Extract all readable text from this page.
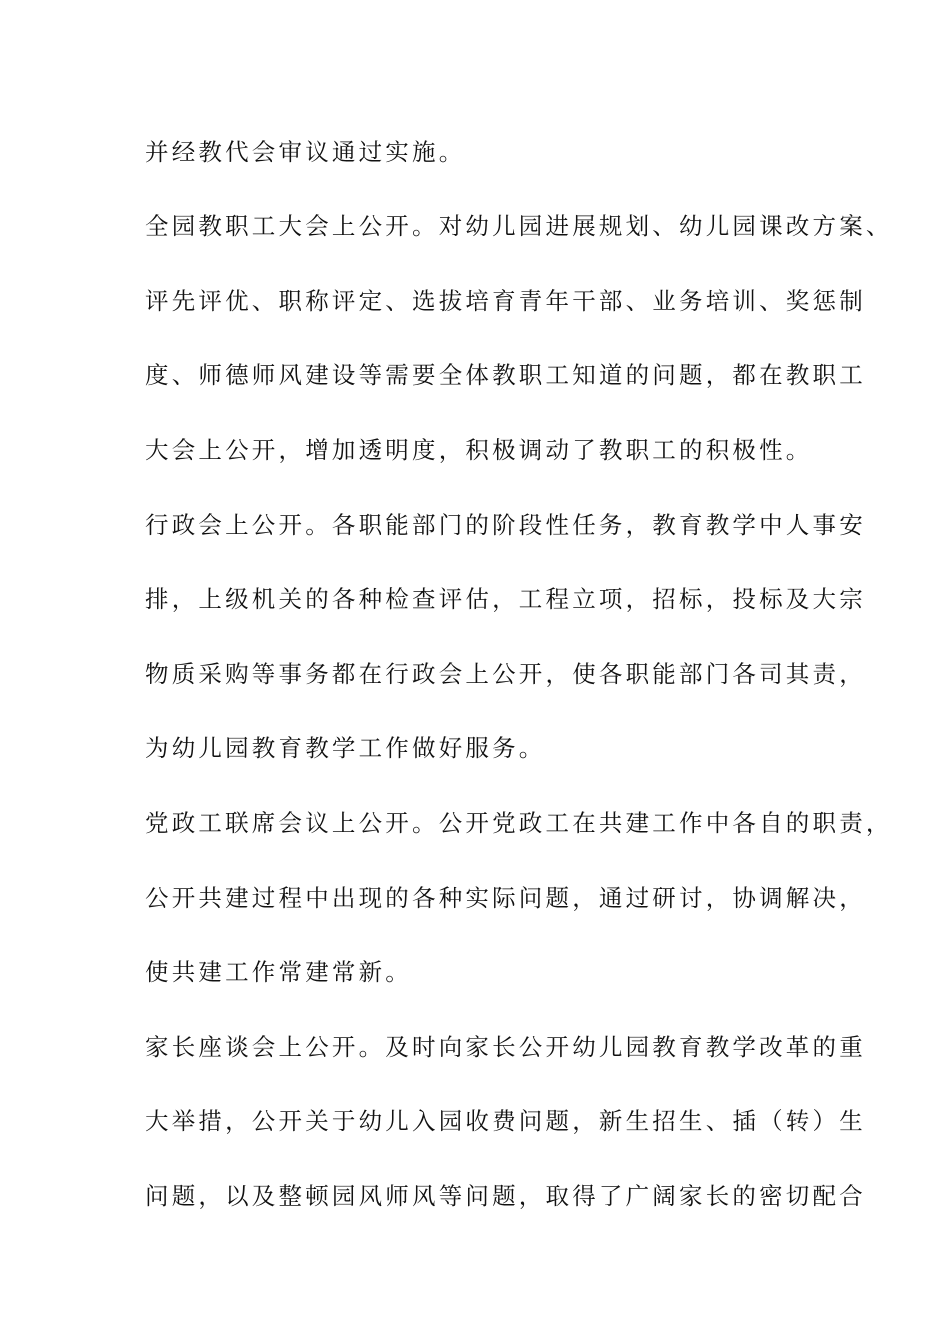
并经教代会审议通过实施。
全园教职工大会上公开。对幼儿园进展规划、幼儿园课改方案、
评先评优、职称评定、选拔培育青年干部、业务培训、奖惩制
度、师德师风建设等需要全体教职工知道的问题，都在教职工
大会上公开，增加透明度，积极调动了教职工的积极性。
行政会上公开。各职能部门的阶段性任务，教育教学中人事安
排，上级机关的各种检查评估，工程立项，招标，投标及大宗
物质采购等事务都在行政会上公开，使各职能部门各司其责，
为幼儿园教育教学工作做好服务。
党政工联席会议上公开。公开党政工在共建工作中各自的职责，
公开共建过程中出现的各种实际问题，通过研讨，协调解决，
使共建工作常建常新。
家长座谈会上公开。及时向家长公开幼儿园教育教学改革的重
大举措，公开关于幼儿入园收费问题，新生招生、插（转）生
问题，以及整顿园风师风等问题，取得了广阔家长的密切配合
